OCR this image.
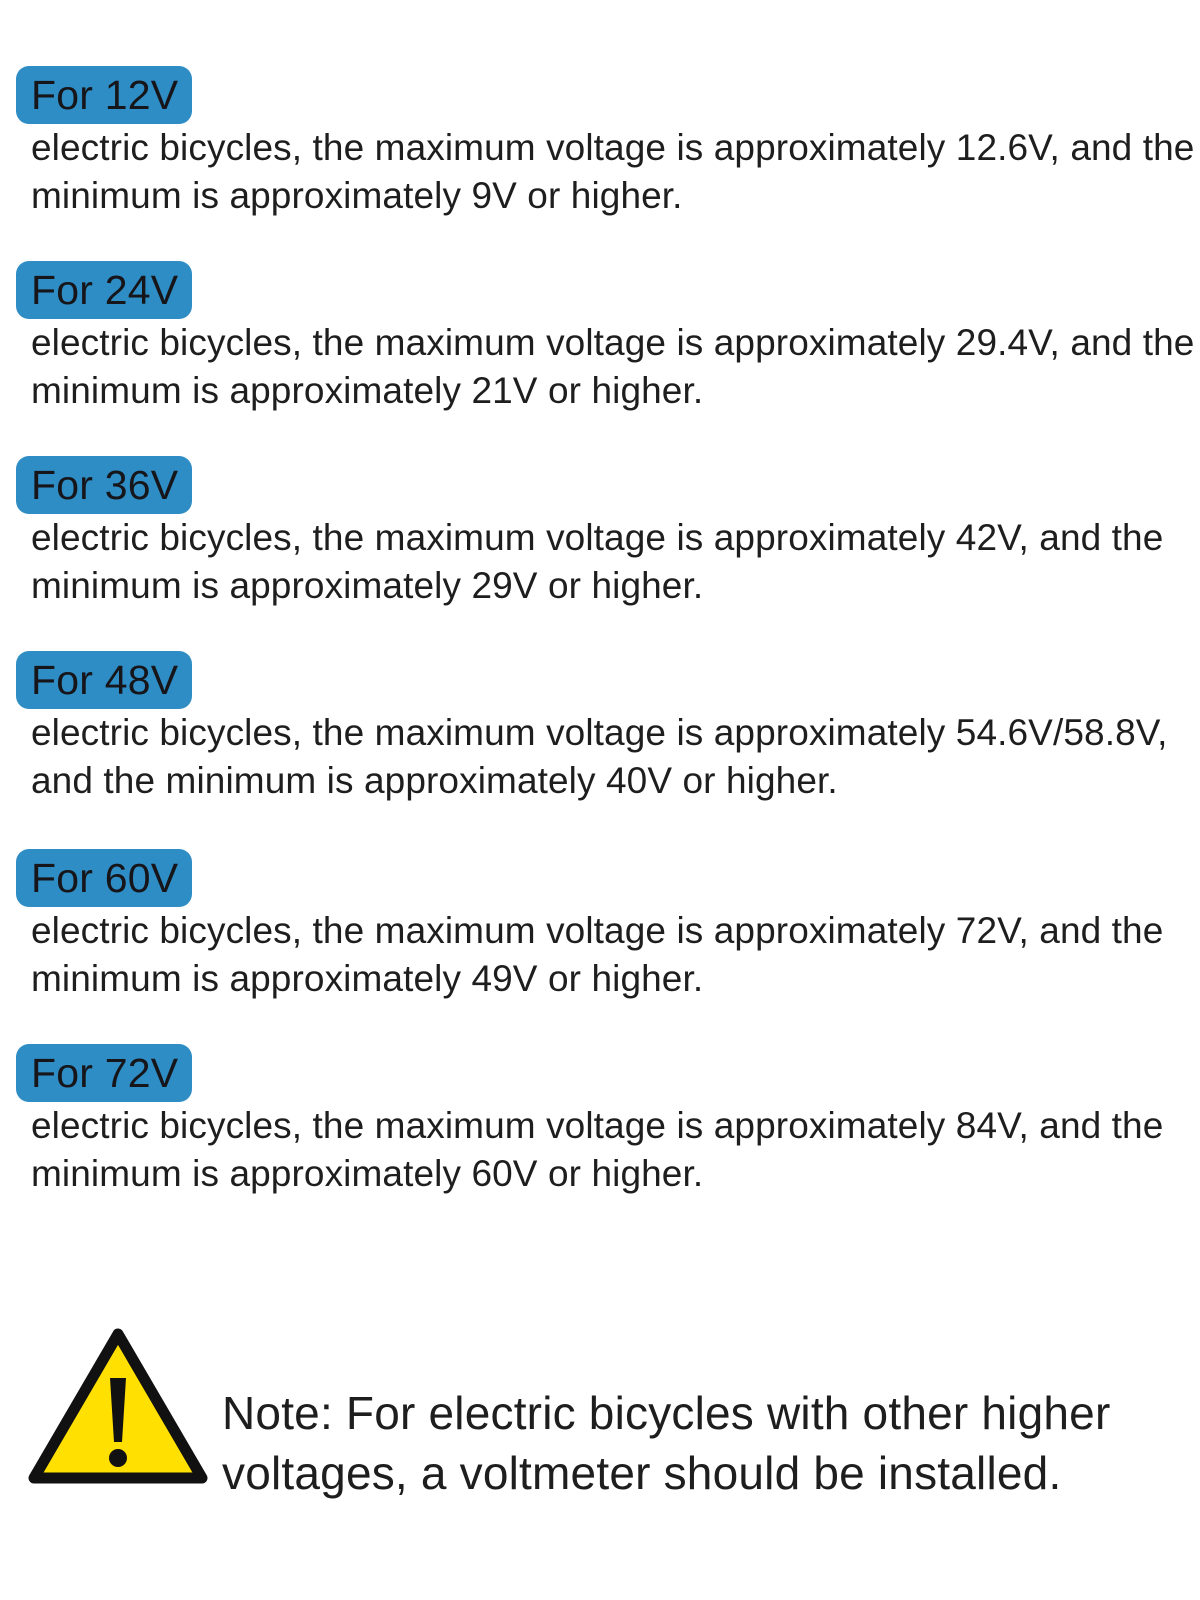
For 12V

electric bicycles, the maximum voltage is approximately 12.6V, and the minimum is approximately 9V or higher.

For 24V

electric bicycles, the maximum voltage is approximately 29.4V, and the minimum is approximately 21V or higher.

For 36V

electric bicycles, the maximum voltage is approximately 42V, and the minimum is approximately 29V or higher.

For 48V

electric bicycles, the maximum voltage is approximately 54.6V/58.8V, and the minimum is approximately 40V or higher.

For 60V

electric bicycles, the maximum voltage is approximately 72V, and the minimum is approximately 49V or higher.

For 72V

electric bicycles, the maximum voltage is approximately 84V, and the minimum is approximately 60V or higher.

Note: For electric bicycles with other higher voltages, a voltmeter should be installed.
